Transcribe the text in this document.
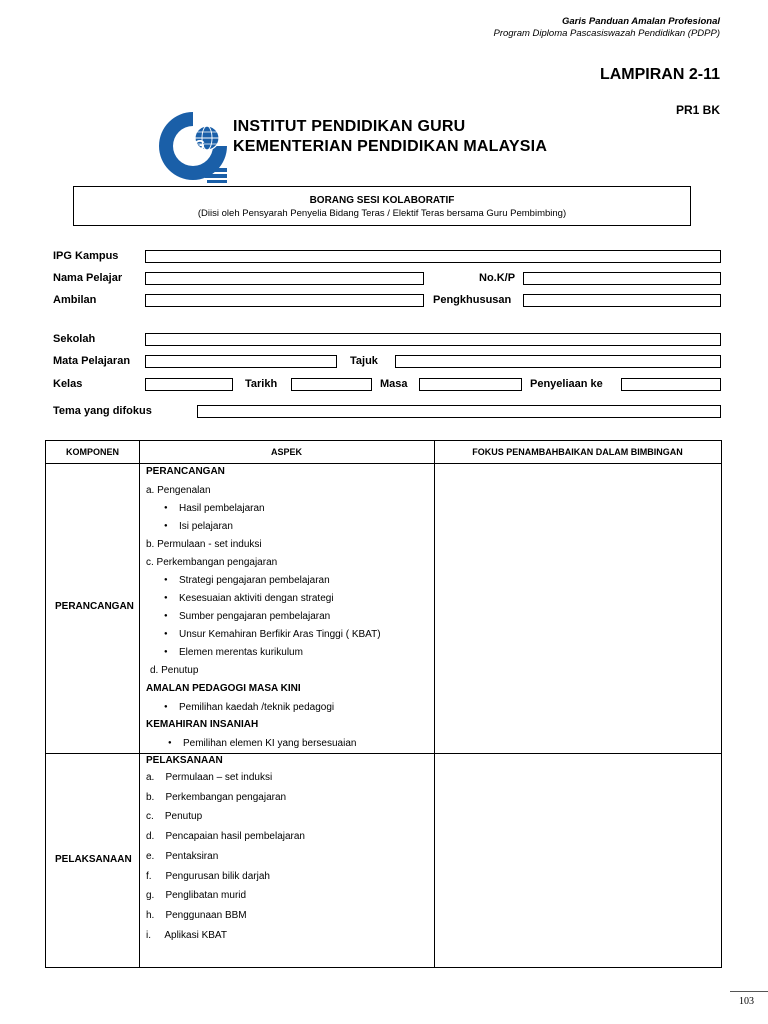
Garis Panduan Amalan Profesional
Program Diploma Pascasiswazah Pendidikan (PDPP)
LAMPIRAN 2-11
PR1 BK
IPG
INSTITUT PENDIDIKAN GURU
KEMENTERIAN PENDIDIKAN MALAYSIA
BORANG SESI KOLABORATIF
(Diisi oleh Pensyarah Penyelia Bidang Teras / Elektif Teras bersama Guru Pembimbing)
IPG Kampus
Nama Pelajar	No.K/P
Ambilan	Pengkhususan
Sekolah
Mata Pelajaran	Tajuk
Kelas	Tarikh	Masa	Penyeliaan ke
Tema yang difokus
KOMPONEN	ASPEK	FOKUS PENAMBAHBAIKAN DALAM BIMBINGAN
PERANCANGAN
PERANCANGAN
a. Pengenalan
● Hasil pembelajaran
● Isi pelajaran
b. Permulaan - set induksi
c. Perkembangan pengajaran
● Strategi pengajaran pembelajaran
● Kesesuaian aktiviti dengan strategi
● Sumber pengajaran pembelajaran
● Unsur Kemahiran Berfikir Aras Tinggi ( KBAT)
● Elemen merentas kurikulum
d. Penutup
AMALAN PEDAGOGI MASA KINI
● Pemilihan kaedah /teknik pedagogi
KEMAHIRAN INSANIAH
● Pemilihan elemen KI yang bersesuaian
PELAKSANAAN
PELAKSANAAN
a.    Permulaan – set induksi
b.    Perkembangan pengajaran
c.    Penutup
d.    Pencapaian hasil pembelajaran
e.    Pentaksiran
f.     Pengurusan bilik darjah
g.    Penglibatan murid
h.    Penggunaan BBM
i.     Aplikasi KBAT
103
